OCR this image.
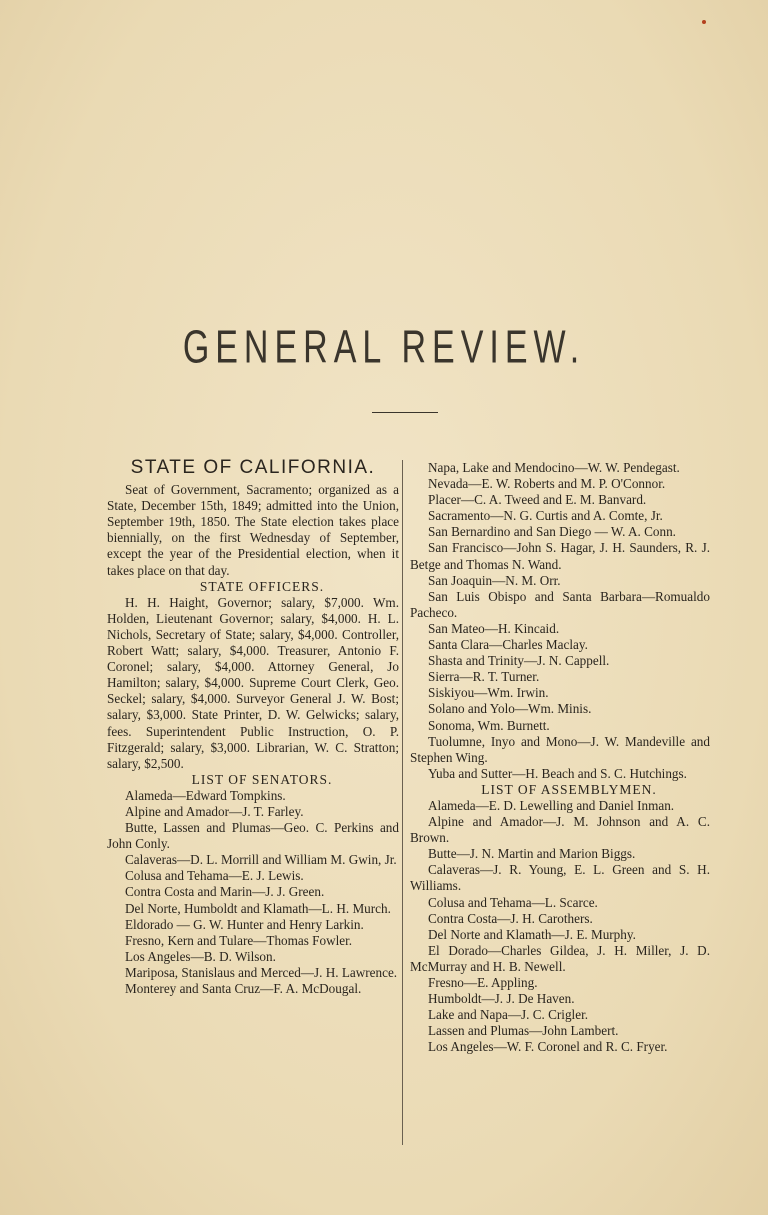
GENERAL REVIEW.
STATE OF CALIFORNIA.

Seat of Government, Sacramento; organized as a State, December 15th, 1849; admitted into the Union, September 19th, 1850. The State election takes place biennially, on the first Wednesday of September, except the year of the Presidential election, when it takes place on that day.

STATE OFFICERS.

H. H. Haight, Governor; salary, $7,000. Wm. Holden, Lieutenant Governor; salary, $4,000. H. L. Nichols, Secretary of State; salary, $4,000. Controller, Robert Watt; salary, $4,000. Treasurer, Antonio F. Coronel; salary, $4,000. Attorney General, Jo Hamilton; salary, $4,000. Supreme Court Clerk, Geo. Seckel; salary, $4,000. Surveyor General J. W. Bost; salary, $3,000. State Printer, D. W. Gelwicks; salary, fees. Superintendent Public Instruction, O. P. Fitzgerald; salary, $3,000. Librarian, W. C. Stratton; salary, $2,500.

LIST OF SENATORS.

Alameda—Edward Tompkins.

Alpine and Amador—J. T. Farley.

Butte, Lassen and Plumas—Geo. C. Perkins and John Conly.

Calaveras—D. L. Morrill and William M. Gwin, Jr.

Colusa and Tehama—E. J. Lewis.

Contra Costa and Marin—J. J. Green.

Del Norte, Humboldt and Klamath—L. H. Murch.

Eldorado — G. W. Hunter and Henry Larkin.

Fresno, Kern and Tulare—Thomas Fowler.

Los Angeles—B. D. Wilson.

Mariposa, Stanislaus and Merced—J. H. Lawrence.

Monterey and Santa Cruz—F. A. McDougal.

Napa, Lake and Mendocino—W. W. Pendegast.

Nevada—E. W. Roberts and M. P. O'Connor.

Placer—C. A. Tweed and E. M. Banvard.

Sacramento—N. G. Curtis and A. Comte, Jr.

San Bernardino and San Diego — W. A. Conn.

San Francisco—John S. Hagar, J. H. Saunders, R. J. Betge and Thomas N. Wand.

San Joaquin—N. M. Orr.

San Luis Obispo and Santa Barbara—Romualdo Pacheco.

San Mateo—H. Kincaid.

Santa Clara—Charles Maclay.

Shasta and Trinity—J. N. Cappell.

Sierra—R. T. Turner.

Siskiyou—Wm. Irwin.

Solano and Yolo—Wm. Minis.

Sonoma, Wm. Burnett.

Tuolumne, Inyo and Mono—J. W. Mandeville and Stephen Wing.

Yuba and Sutter—H. Beach and S. C. Hutchings.

LIST OF ASSEMBLYMEN.

Alameda—E. D. Lewelling and Daniel Inman.

Alpine and Amador—J. M. Johnson and A. C. Brown.

Butte—J. N. Martin and Marion Biggs.

Calaveras—J. R. Young, E. L. Green and S. H. Williams.

Colusa and Tehama—L. Scarce.

Contra Costa—J. H. Carothers.

Del Norte and Klamath—J. E. Murphy.

El Dorado—Charles Gildea, J. H. Miller, J. D. McMurray and H. B. Newell.

Fresno—E. Appling.

Humboldt—J. J. De Haven.

Lake and Napa—J. C. Crigler.

Lassen and Plumas—John Lambert.

Los Angeles—W. F. Coronel and R. C. Fryer.
